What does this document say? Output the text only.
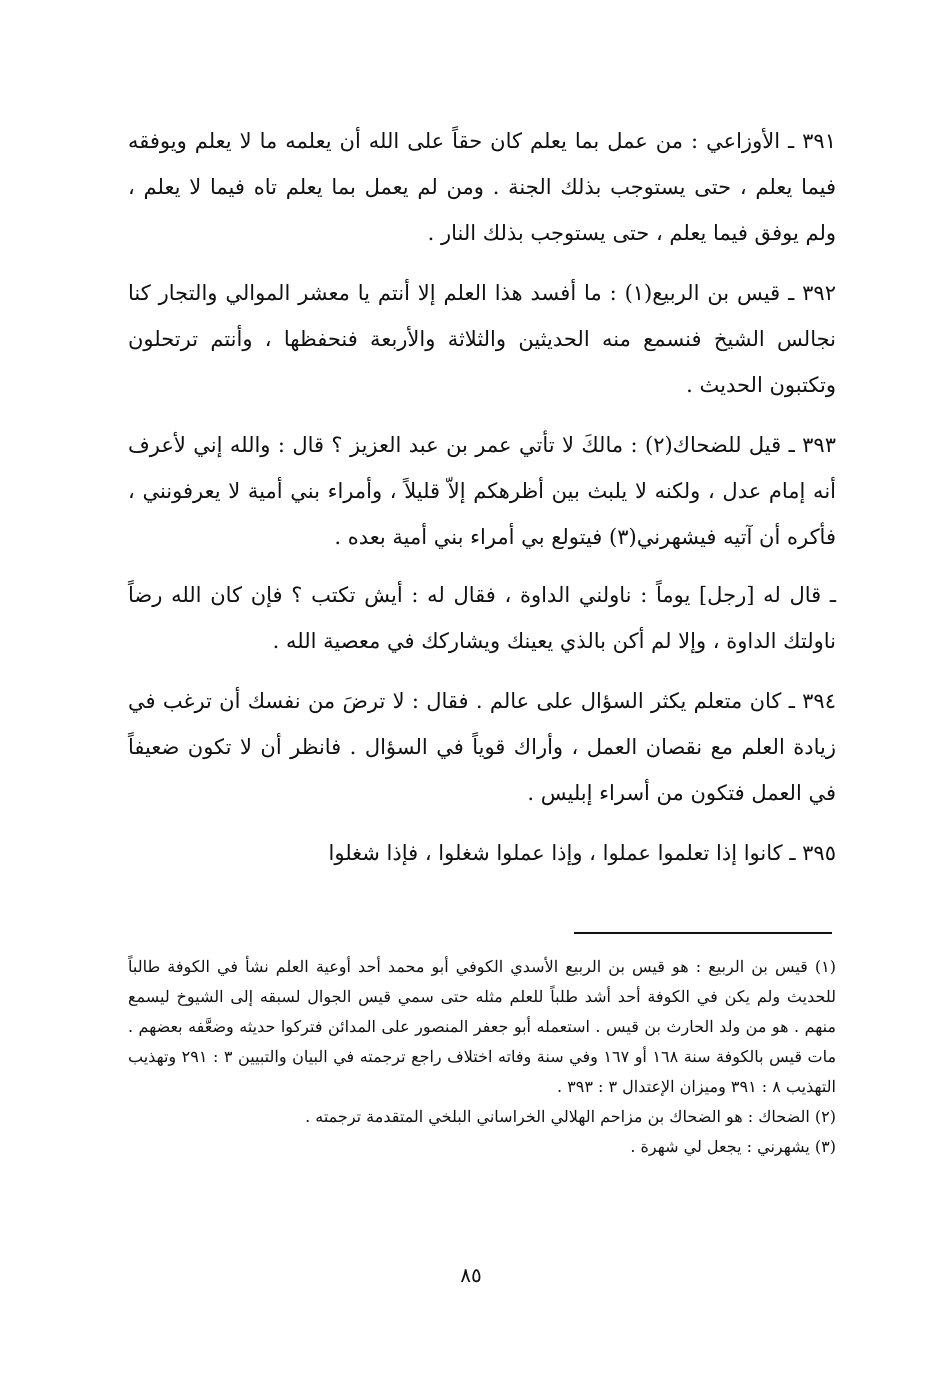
٣٩١ ـ الأوزاعي : من عمل بما يعلم كان حقاً على الله أن يعلمه ما لا يعلم ويوفقه فيما يعلم ، حتى يستوجب بذلك الجنة . ومن لم يعمل بما يعلم تاه فيما لا يعلم ، ولم يوفق فيما يعلم ، حتى يستوجب بذلك النار .

٣٩٢ ـ قيس بن الربيع(١) : ما أفسد هذا العلم إلا أنتم يا معشر الموالي والتجار كنا نجالس الشيخ فنسمع منه الحديثين والثلاثة والأربعة فنحفظها ، وأنتم ترتحلون وتكتبون الحديث .

٣٩٣ ـ قيل للضحاك(٢) : مالكَ لا تأتي عمر بن عبد العزيز ؟ قال : والله إني لأعرف أنه إمام عدل ، ولكنه لا يلبث بين أظرهكم إلاّ قليلاً ، وأمراء بني أمية لا يعرفونني ، فأكره أن آتيه فيشهرني(٣) فيتولع بي أمراء بني أمية بعده .

ـ قال له [رجل] يوماً : ناولني الداوة ، فقال له : أيش تكتب ؟ فإن كان الله رضاً ناولتك الداوة ، وإلا لم أكن بالذي يعينك ويشاركك في معصية الله .

٣٩٤ ـ كان متعلم يكثر السؤال على عالم . فقال : لا ترضَ من نفسك أن ترغب في زيادة العلم مع نقصان العمل ، وأراك قوياً في السؤال . فانظر أن لا تكون ضعيفاً في العمل فتكون من أسراء إبليس .

٣٩٥ ـ كانوا إذا تعلموا عملوا ، وإذا عملوا شغلوا ، فإذا شغلوا

(١) قيس بن الربيع : هو قيس بن الربيع الأسدي الكوفي أبو محمد أحد أوعية العلم نشأ في الكوفة طالباً للحديث ولم يكن في الكوفة أحد أشد طلباً للعلم مثله حتى سمي قيس الجوال لسبقه إلى الشيوخ ليسمع منهم . هو من ولد الحارث بن قيس . استعمله أبو جعفر المنصور على المدائن فتركوا حديثه وضعَّفه بعضهم . مات قيس بالكوفة سنة ١٦٨ أو ١٦٧ وفي سنة وفاته اختلاف راجع ترجمته في البيان والتبيين ٣ : ٢٩١ وتهذيب التهذيب ٨ : ٣٩١ وميزان الإعتدال ٣ : ٣٩٣ .

(٢) الضحاك : هو الضحاك بن مزاحم الهلالي الخراساني البلخي المتقدمة ترجمته .

(٣) يشهرني : يجعل لي شهرة .

٨٥
